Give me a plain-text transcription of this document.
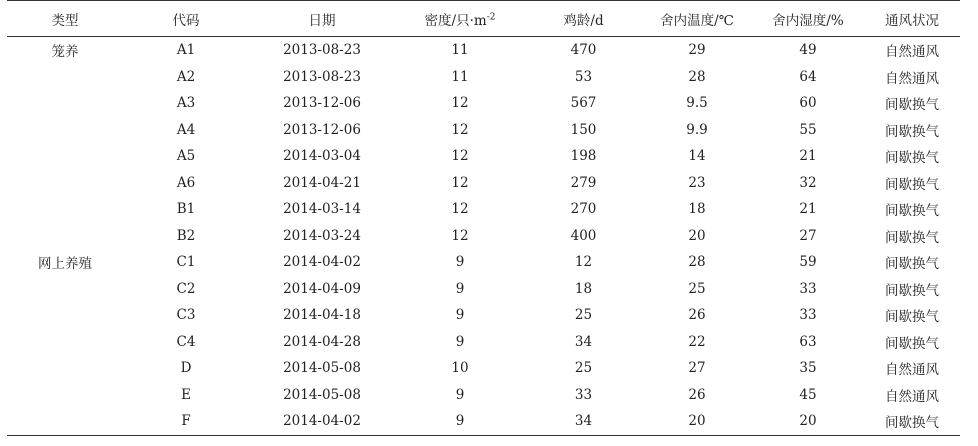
类型	代码	日期	密度/只$\cdot m^{-2}$	鸡龄/d	舍内温度/℃	舍内湿度/%	通风状况
笼养	A1	2013-08-23	11	470	29	49	自然通风
	A2	2013-08-23	11	53	28	64	自然通风
	A3	2013-12-06	12	567	9.5	60	间歇换气
	A4	2013-12-06	12	150	9.9	55	间歇换气
	A5	2014-03-04	12	198	14	21	间歇换气
	A6	2014-04-21	12	279	23	32	间歇换气
	B1	2014-03-14	12	270	18	21	间歇换气
	B2	2014-03-24	12	400	20	27	间歇换气
网上养殖	C1	2014-04-02	9	12	28	59	间歇换气
	C2	2014-04-09	9	18	25	33	间歇换气
	C3	2014-04-18	9	25	26	33	间歇换气
	C4	2014-04-28	9	34	22	63	间歇换气
	D	2014-05-08	10	25	27	35	自然通风
	E	2014-05-08	9	33	26	45	自然通风
	F	2014-04-02	9	34	20	20	间歇换气
